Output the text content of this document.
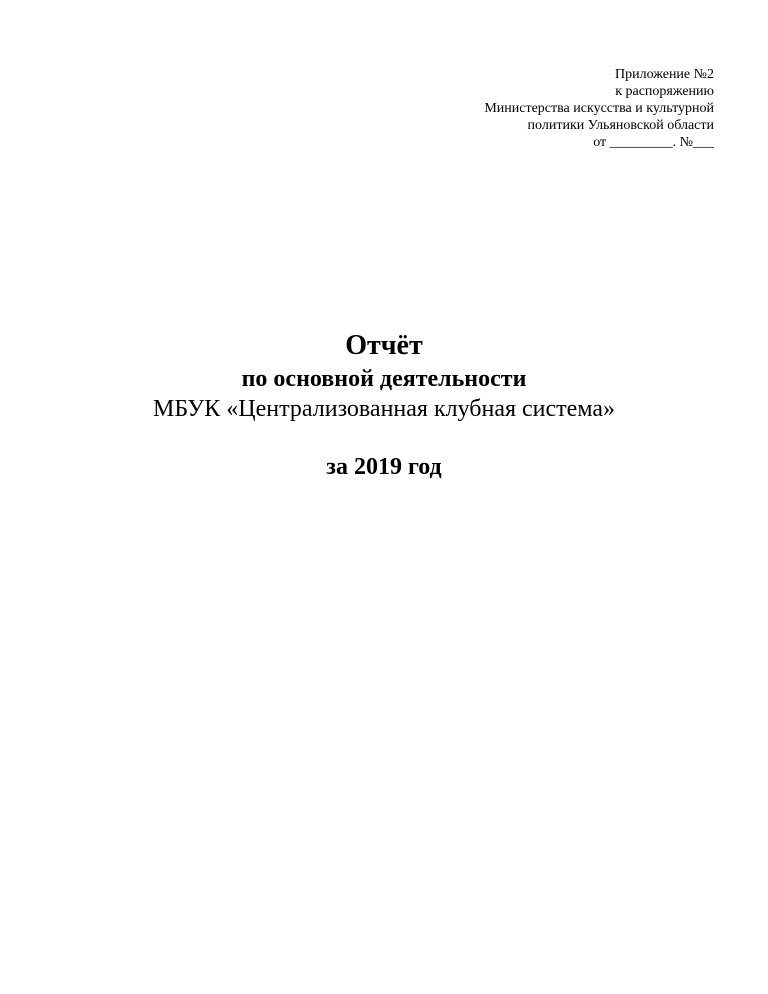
Приложение №2
к распоряжению
Министерства искусства и культурной
политики Ульяновской области
от _________. №___
Отчёт
по основной деятельности
МБУК «Централизованная клубная система»
за 2019 год
